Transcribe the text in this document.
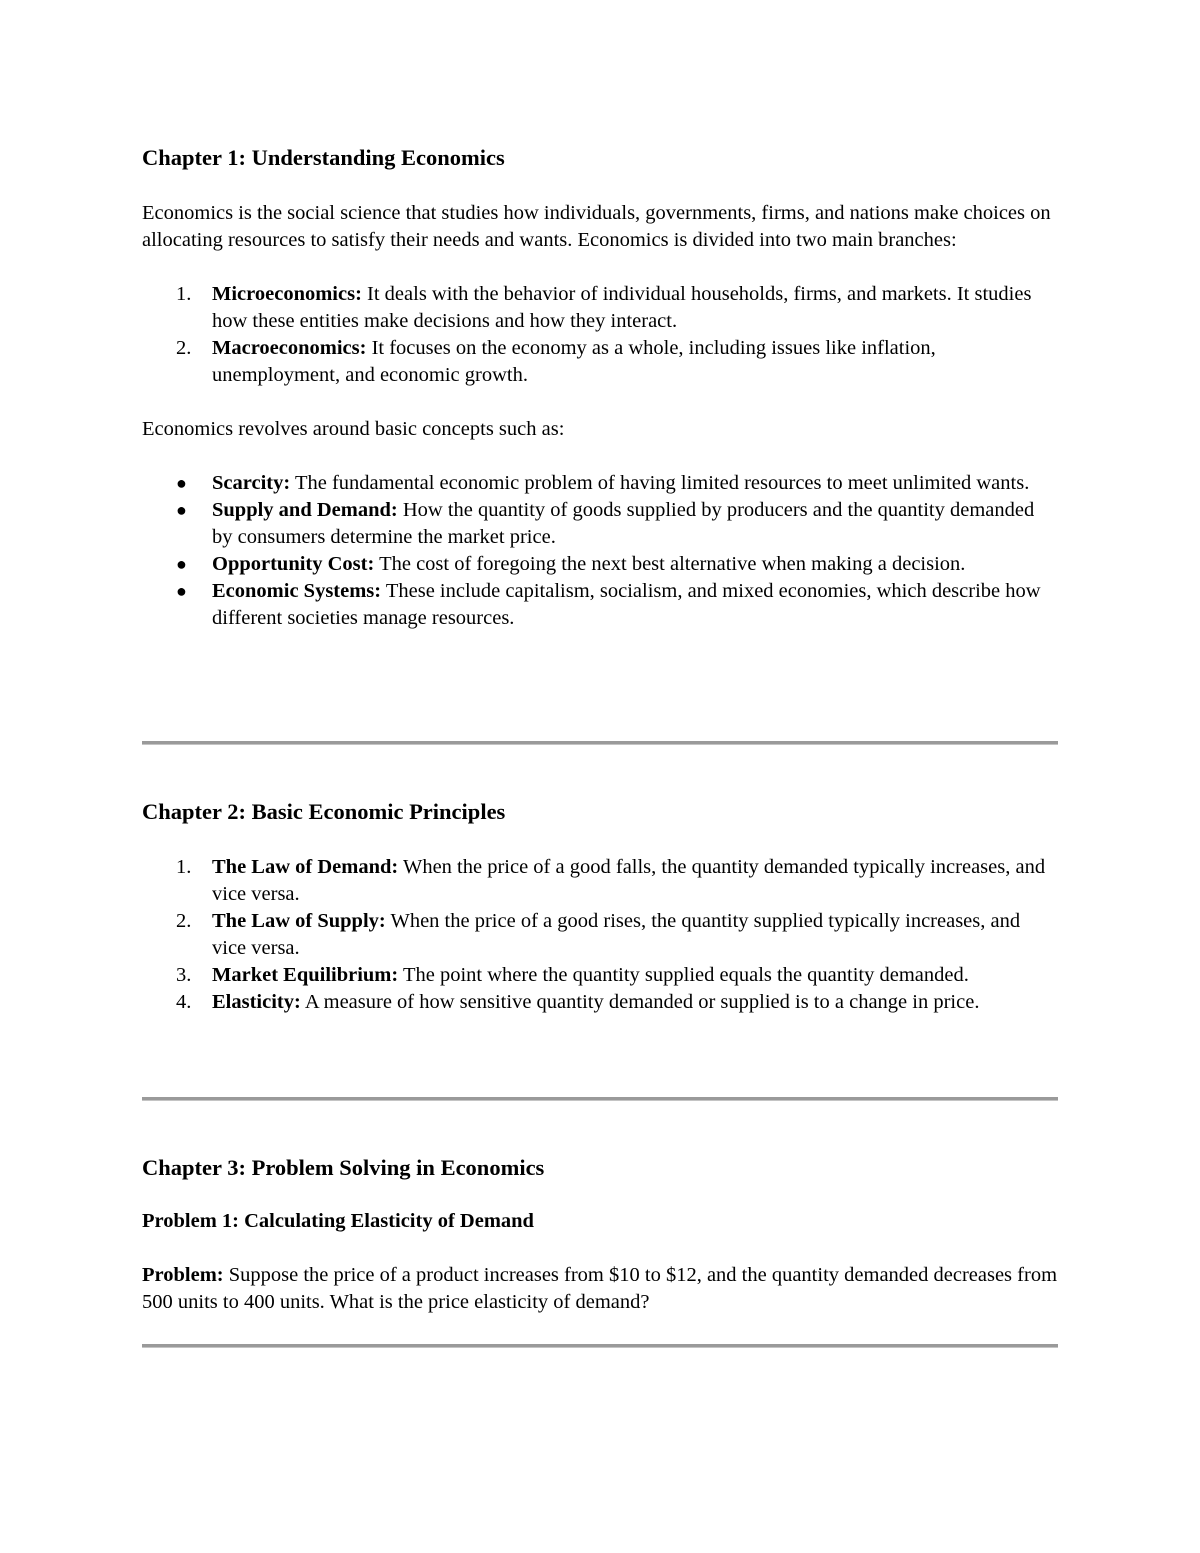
Chapter 1: Understanding Economics

Economics is the social science that studies how individuals, governments, firms, and nations make choices on allocating resources to satisfy their needs and wants. Economics is divided into two main branches:

1.	Microeconomics: It deals with the behavior of individual households, firms, and markets. It studies how these entities make decisions and how they interact.
2.	Macroeconomics: It focuses on the economy as a whole, including issues like inflation, unemployment, and economic growth.

Economics revolves around basic concepts such as:

● Scarcity: The fundamental economic problem of having limited resources to meet unlimited wants.
● Supply and Demand: How the quantity of goods supplied by producers and the quantity demanded by consumers determine the market price.
● Opportunity Cost: The cost of foregoing the next best alternative when making a decision.
● Economic Systems: These include capitalism, socialism, and mixed economies, which describe how different societies manage resources.
Chapter 2: Basic Economic Principles
1.	The Law of Demand: When the price of a good falls, the quantity demanded typically increases, and vice versa.
2.	The Law of Supply: When the price of a good rises, the quantity supplied typically increases, and vice versa.
3.	Market Equilibrium: The point where the quantity supplied equals the quantity demanded.
4.	Elasticity: A measure of how sensitive quantity demanded or supplied is to a change in price.
Chapter 3: Problem Solving in Economics
Problem 1: Calculating Elasticity of Demand

Problem: Suppose the price of a product increases from $10 to $12, and the quantity demanded decreases from 500 units to 400 units. What is the price elasticity of demand?
